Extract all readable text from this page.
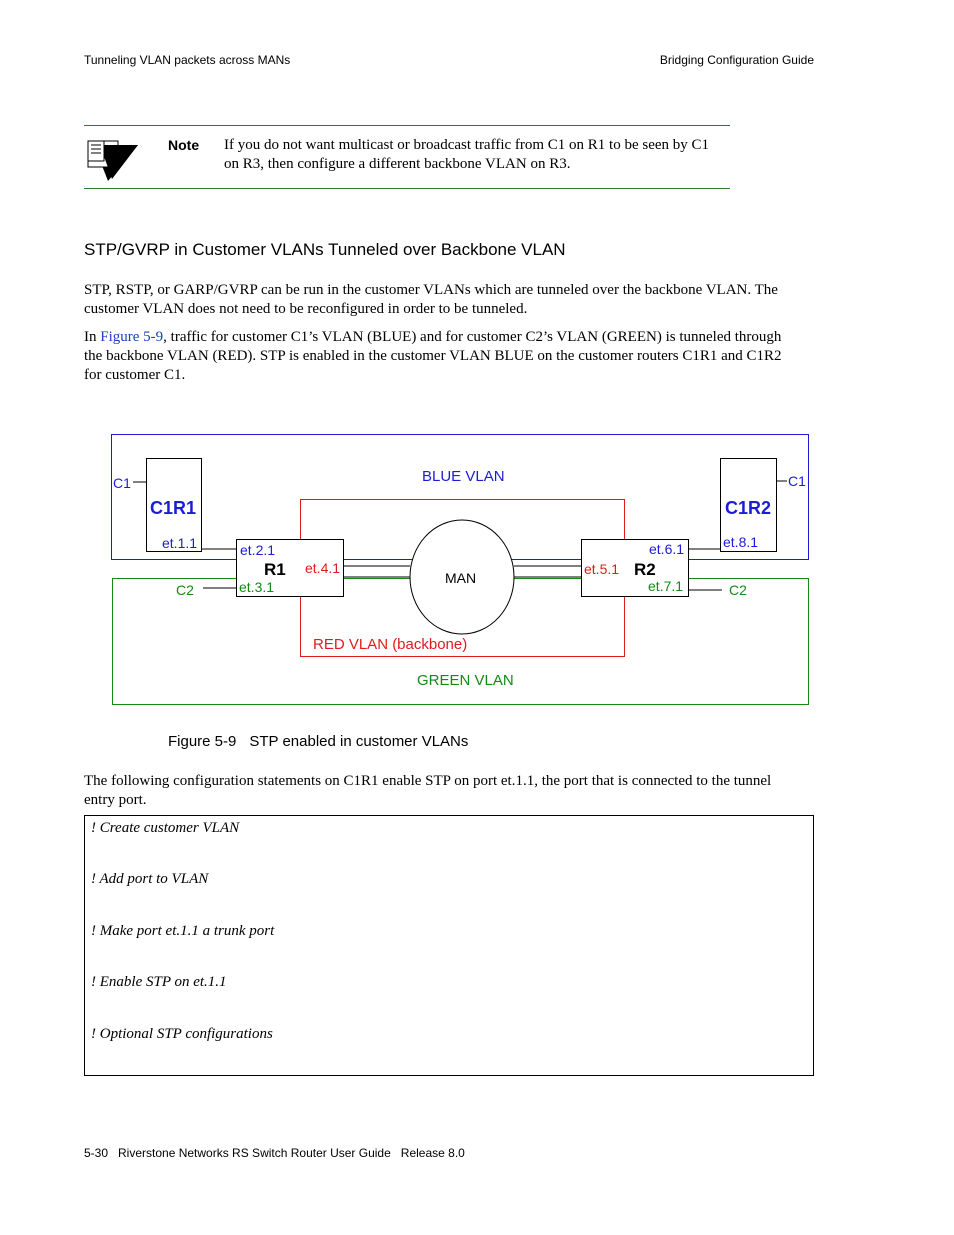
Tunneling VLAN packets across MANs	Bridging Configuration Guide
Note If you do not want multicast or broadcast traffic from C1 on R1 to be seen by C1
on R3, then configure a different backbone VLAN on R3.
STP/GVRP in Customer VLANs Tunneled over Backbone VLAN
STP, RSTP, or GARP/GVRP can be run in the customer VLANs which are tunneled over the backbone VLAN. The
customer VLAN does not need to be reconfigured in order to be tunneled.
In Figure 5-9, traffic for customer C1’s VLAN (BLUE) and for customer C2’s VLAN (GREEN) is tunneled through
the backbone VLAN (RED). STP is enabled in the customer VLAN BLUE on the customer routers C1R1 and C1R2
for customer C1.
BLUE VLAN
GREEN VLAN
RED VLAN (backbone)
MAN
C1R1	C1R2
R1	R2
C1	C1
C2	C2
et.1.1	et.2.1
et.3.1
et.4.1	et.5.1
et.6.1
et.7.1
et.8.1
Figure 5-9 STP enabled in customer VLANs
The following configuration statements on C1R1 enable STP on port et.1.1, the port that is connected to the tunnel
entry port.
! Create customer VLAN
! Add port to VLAN
! Make port et.1.1 a trunk port
! Enable STP on et.1.1
! Optional STP configurations
5-30   Riverstone Networks RS Switch Router User Guide   Release 8.0
